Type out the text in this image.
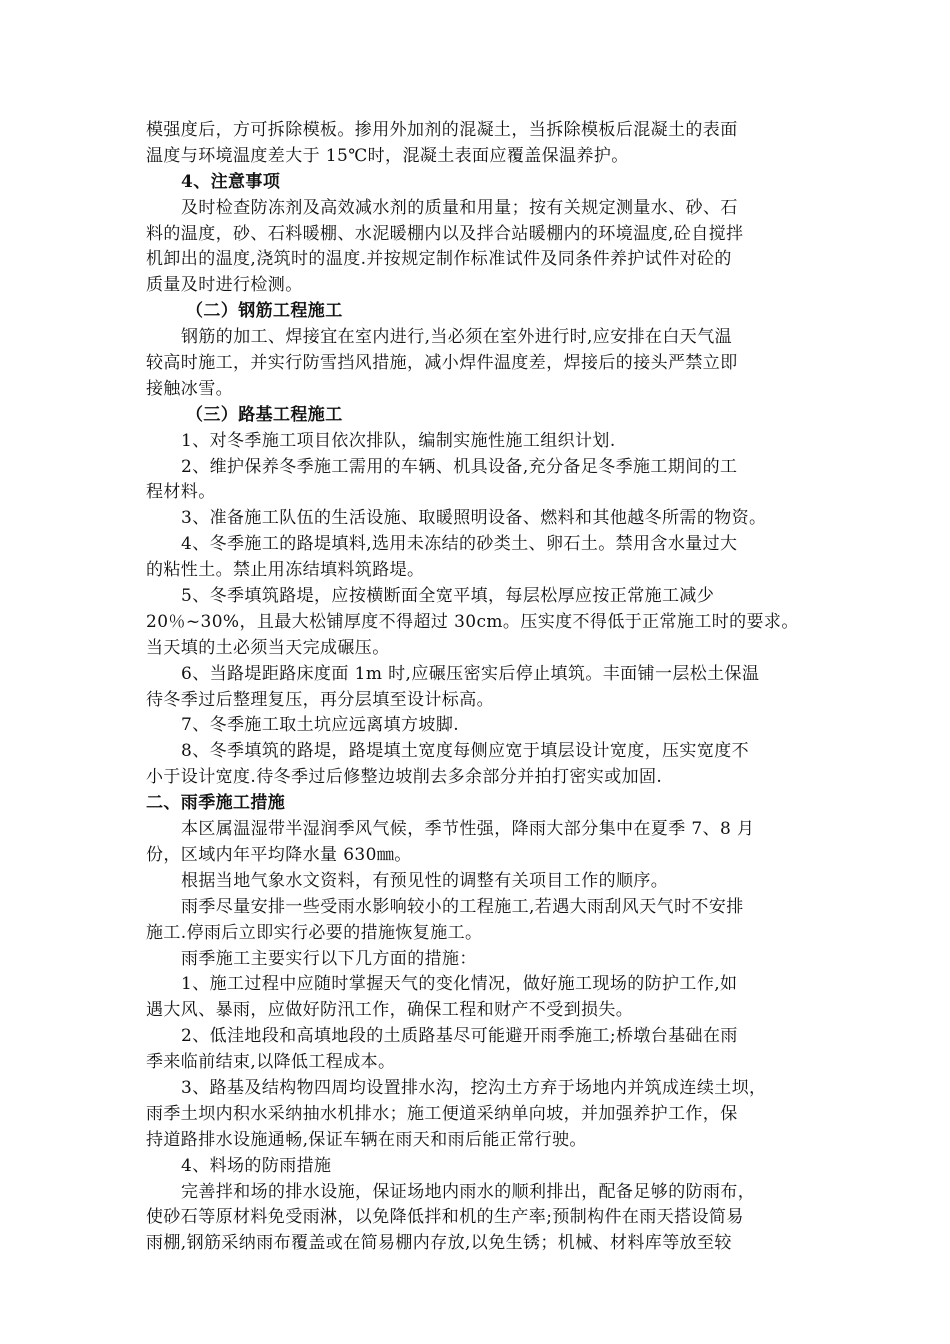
模强度后，方可拆除模板。掺用外加剂的混凝土，当拆除模板后混凝土的表面
温度与环境温度差大于 15℃时，混凝土表面应覆盖保温养护。
4、注意事项
及时检查防冻剂及高效减水剂的质量和用量；按有关规定测量水、砂、石
料的温度，砂、石料暖棚、水泥暖棚内以及拌合站暖棚内的环境温度,砼自搅拌
机卸出的温度,浇筑时的温度.并按规定制作标准试件及同条件养护试件对砼的
质量及时进行检测。
（二）钢筋工程施工
钢筋的加工、焊接宜在室内进行,当必须在室外进行时,应安排在白天气温
较高时施工，并实行防雪挡风措施，减小焊件温度差，焊接后的接头严禁立即
接触冰雪。
（三）路基工程施工
1、对冬季施工项目依次排队，编制实施性施工组织计划.
2、维护保养冬季施工需用的车辆、机具设备,充分备足冬季施工期间的工
程材料。
3、准备施工队伍的生活设施、取暖照明设备、燃料和其他越冬所需的物资。
4、冬季施工的路堤填料,选用未冻结的砂类土、卵石土。禁用含水量过大
的粘性土。禁止用冻结填料筑路堤。
5、冬季填筑路堤，应按横断面全宽平填，每层松厚应按正常施工减少
20％~30%，且最大松铺厚度不得超过 30cm。压实度不得低于正常施工时的要求。
当天填的土必须当天完成碾压。
6、当路堤距路床度面 1m 时,应碾压密实后停止填筑。丰面铺一层松土保温
待冬季过后整理复压，再分层填至设计标高。
7、冬季施工取土坑应远离填方坡脚.
8、冬季填筑的路堤，路堤填土宽度每侧应宽于填层设计宽度，压实宽度不
小于设计宽度.待冬季过后修整边坡削去多余部分并拍打密实或加固.
二、雨季施工措施
本区属温湿带半湿润季风气候，季节性强，降雨大部分集中在夏季 7、8 月
份，区域内年平均降水量 630㎜。
根据当地气象水文资料，有预见性的调整有关项目工作的顺序。
雨季尽量安排一些受雨水影响较小的工程施工,若遇大雨刮风天气时不安排
施工.停雨后立即实行必要的措施恢复施工。
雨季施工主要实行以下几方面的措施：
1、施工过程中应随时掌握天气的变化情况，做好施工现场的防护工作,如
遇大风、暴雨，应做好防汛工作，确保工程和财产不受到损失。
2、低洼地段和高填地段的土质路基尽可能避开雨季施工;桥墩台基础在雨
季来临前结束,以降低工程成本。
3、路基及结构物四周均设置排水沟，挖沟土方弃于场地内并筑成连续土坝，
雨季土坝内积水采纳抽水机排水；施工便道采纳单向坡，并加强养护工作，保
持道路排水设施通畅,保证车辆在雨天和雨后能正常行驶。
4、料场的防雨措施
完善拌和场的排水设施，保证场地内雨水的顺利排出，配备足够的防雨布，
使砂石等原材料免受雨淋，以免降低拌和机的生产率;预制构件在雨天搭设简易
雨棚,钢筋采纳雨布覆盖或在简易棚内存放,以免生锈；机械、材料库等放至较
